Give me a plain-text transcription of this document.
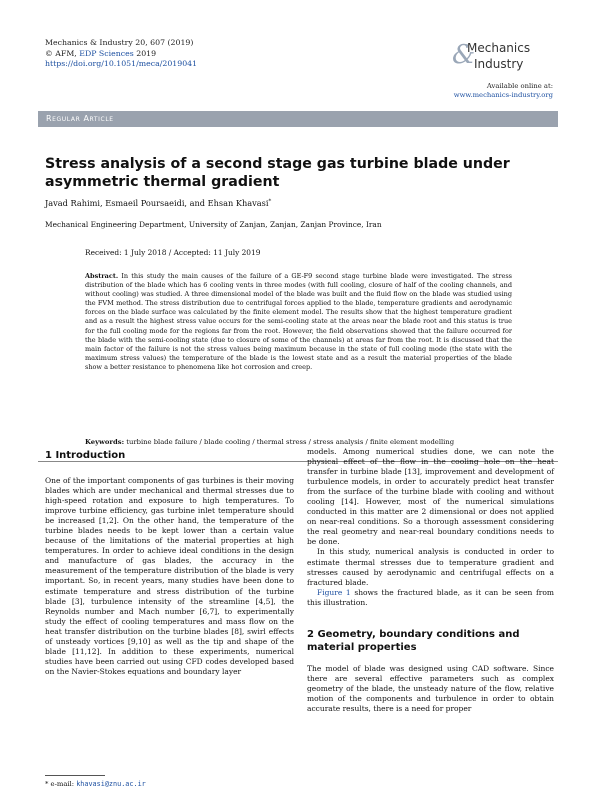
Mechanics & Industry 20, 607 (2019)
© AFM, EDP Sciences 2019
https://doi.org/10.1051/meca/2019041	&
Mechanics
Industry
Available online at:
www.mechanics-industry.org
Regular Article
Stress analysis of a second stage gas turbine blade under asymmetric thermal gradient
Javad Rahimi, Esmaeil Poursaeidi, and Ehsan Khavasi*
Mechanical Engineering Department, University of Zanjan, Zanjan, Zanjan Province, Iran
Received: 1 July 2018 / Accepted: 11 July 2019
Abstract. In this study the main causes of the failure of a GE-F9 second stage turbine blade were investigated. The stress distribution of the blade which has 6 cooling vents in three modes (with full cooling, closure of half of the cooling channels, and without cooling) was studied. A three dimensional model of the blade was built and the fluid flow on the blade was studied using the FVM method. The stress distribution due to centrifugal forces applied to the blade, temperature gradients and aerodynamic forces on the blade surface was calculated by the finite element model. The results show that the highest temperature gradient and as a result the highest stress value occurs for the semi-cooling state at the areas near the blade root and this status is true for the full cooling mode for the regions far from the root. However, the field observations showed that the failure occurred for the blade with the semi-cooling state (due to closure of some of the channels) at areas far from the root. It is discussed that the main factor of the failure is not the stress values being maximum because in the state of full cooling mode (the state with the maximum stress values) the temperature of the blade is the lowest state and as a result the material properties of the blade show a better resistance to phenomena like hot corrosion and creep.
Keywords: turbine blade failure / blade cooling / thermal stress / stress analysis / finite element modelling
1 Introduction

One of the important components of gas turbines is their moving blades which are under mechanical and thermal stresses due to high-speed rotation and exposure to high temperatures. To improve turbine efficiency, gas turbine inlet temperature should be increased [1,2]. On the other hand, the temperature of the turbine blades needs to be kept lower than a certain value because of the limitations of the material properties at high temperatures. In order to achieve ideal conditions in the design and manufacture of gas blades, the accuracy in the measurement of the temperature distribution of the blade is very important. So, in recent years, many studies have been done to estimate temperature and stress distribution of the turbine blade [3], turbulence intensity of the streamline [4,5], the Reynolds number and Mach number [6,7], to experimentally study the effect of cooling temperatures and mass flow on the heat transfer distribution on the turbine blades [8], swirl effects of unsteady vortices [9,10] as well as the tip and shape of the blade [11,12]. In addition to these experiments, numerical studies have been carried out using CFD codes developed based on the Navier-Stokes equations and boundary layer

models. Among numerical studies done, we can note the physical effect of the flow in the cooling hole on the heat transfer in turbine blade [13], improvement and development of turbulence models, in order to accurately predict heat transfer from the surface of the turbine blade with cooling and without cooling [14]. However, most of the numerical simulations conducted in this matter are 2 dimensional or does not applied on near-real conditions. So a thorough assessment considering the real geometry and near-real boundary conditions needs to be done.

In this study, numerical analysis is conducted in order to estimate thermal stresses due to temperature gradient and stresses caused by aerodynamic and centrifugal effects on a fractured blade.

Figure 1 shows the fractured blade, as it can be seen from this illustration.

2 Geometry, boundary conditions and material properties

The model of blade was designed using CAD software. Since there are several effective parameters such as complex geometry of the blade, the unsteady nature of the flow, relative motion of the components and turbulence in order to obtain accurate results, there is a need for proper

* e-mail: khavasi@znu.ac.ir
